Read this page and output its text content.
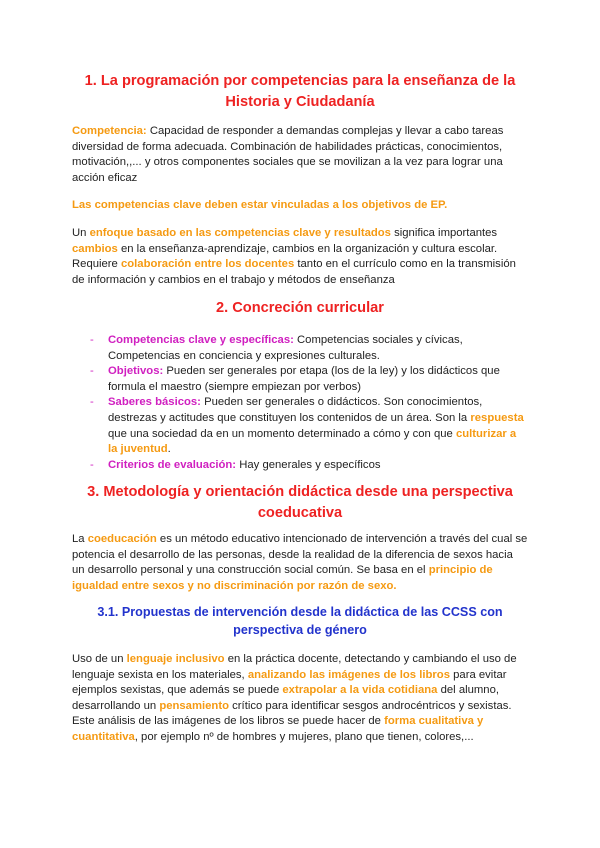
1. La programación por competencias para la enseñanza de la
Historia y Ciudadanía

Competencia: Capacidad de responder a demandas complejas y llevar a cabo tareas diversidad de forma adecuada. Combinación de habilidades prácticas, conocimientos, motivación,,... y otros componentes sociales que se movilizan a la vez para lograr una acción eficaz

Las competencias clave deben estar vinculadas a los objetivos de EP.

Un enfoque basado en las competencias clave y resultados significa importantes cambios en la enseñanza-aprendizaje, cambios en la organización y cultura escolar. Requiere colaboración entre los docentes tanto en el currículo como en la transmisión de información y cambios en el trabajo y métodos de enseñanza

2. Concreción curricular
- Competencias clave y específicas: Competencias sociales y cívicas, Competencias en conciencia y expresiones culturales.
- Objetivos: Pueden ser generales por etapa (los de la ley) y los didácticos que formula el maestro (siempre empiezan por verbos)
- Saberes básicos: Pueden ser generales o didácticos. Son conocimientos, destrezas y actitudes que constituyen los contenidos de un área. Son la respuesta que una sociedad da en un momento determinado a cómo y con que culturizar a la juventud.
- Criterios de evaluación: Hay generales y específicos
3. Metodología y orientación didáctica desde una perspectiva
coeducativa

La coeducación es un método educativo intencionado de intervención a través del cual se potencia el desarrollo de las personas, desde la realidad de la diferencia de sexos hacia un desarrollo personal y una construcción social común. Se basa en el principio de igualdad entre sexos y no discriminación por razón de sexo.

3.1. Propuestas de intervención desde la didáctica de las CCSS con
perspectiva de género

Uso de un lenguaje inclusivo en la práctica docente, detectando y cambiando el uso de lenguaje sexista en los materiales, analizando las imágenes de los libros para evitar ejemplos sexistas, que además se puede extrapolar a la vida cotidiana del alumno, desarrollando un pensamiento crítico para identificar sesgos androcéntricos y sexistas. Este análisis de las imágenes de los libros se puede hacer de forma cualitativa y cuantitativa, por ejemplo nº de hombres y mujeres, plano que tienen, colores,...
